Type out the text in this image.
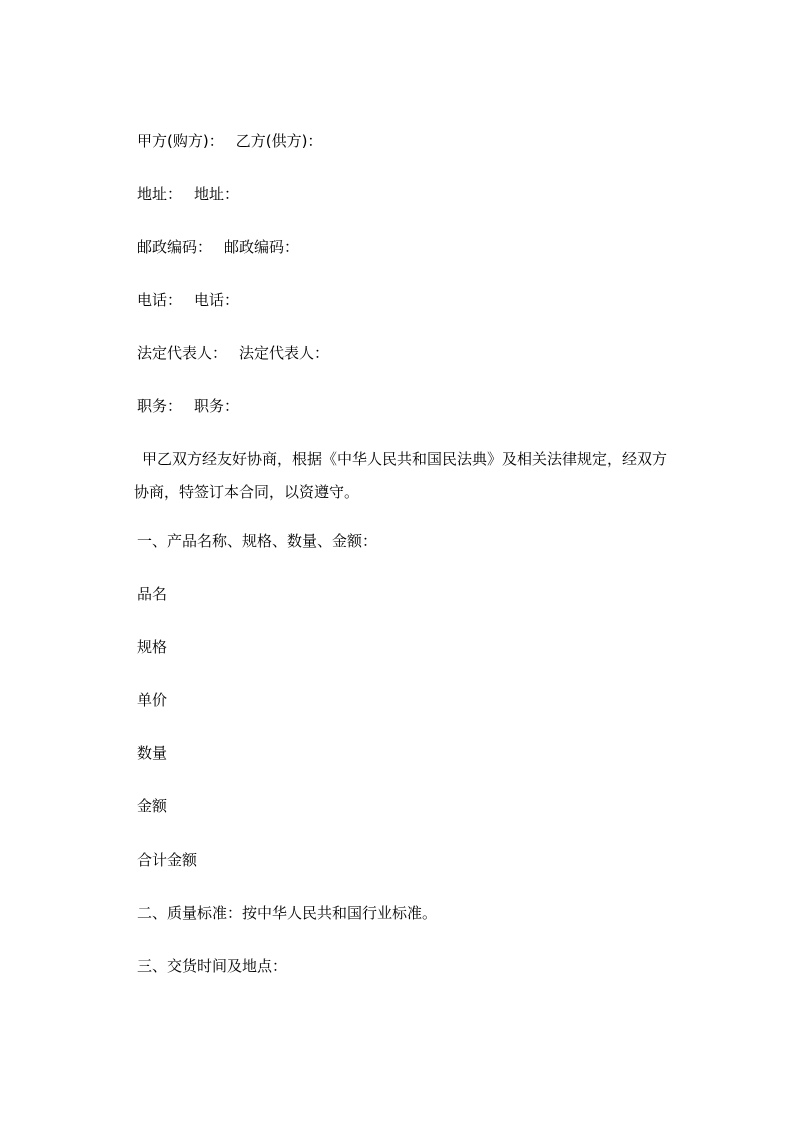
甲方(购方)： 乙方(供方)：
地址： 地址：
邮政编码： 邮政编码：
电话： 电话：
法定代表人： 法定代表人：
职务： 职务：
甲乙双方经友好协商，根据《中华人民共和国民法典》及相关法律规定，经双方
协商，特签订本合同，以资遵守。
一、产品名称、规格、数量、金额：
品名
规格
单价
数量
金额
合计金额
二、质量标准：按中华人民共和国行业标准。
三、交货时间及地点：
